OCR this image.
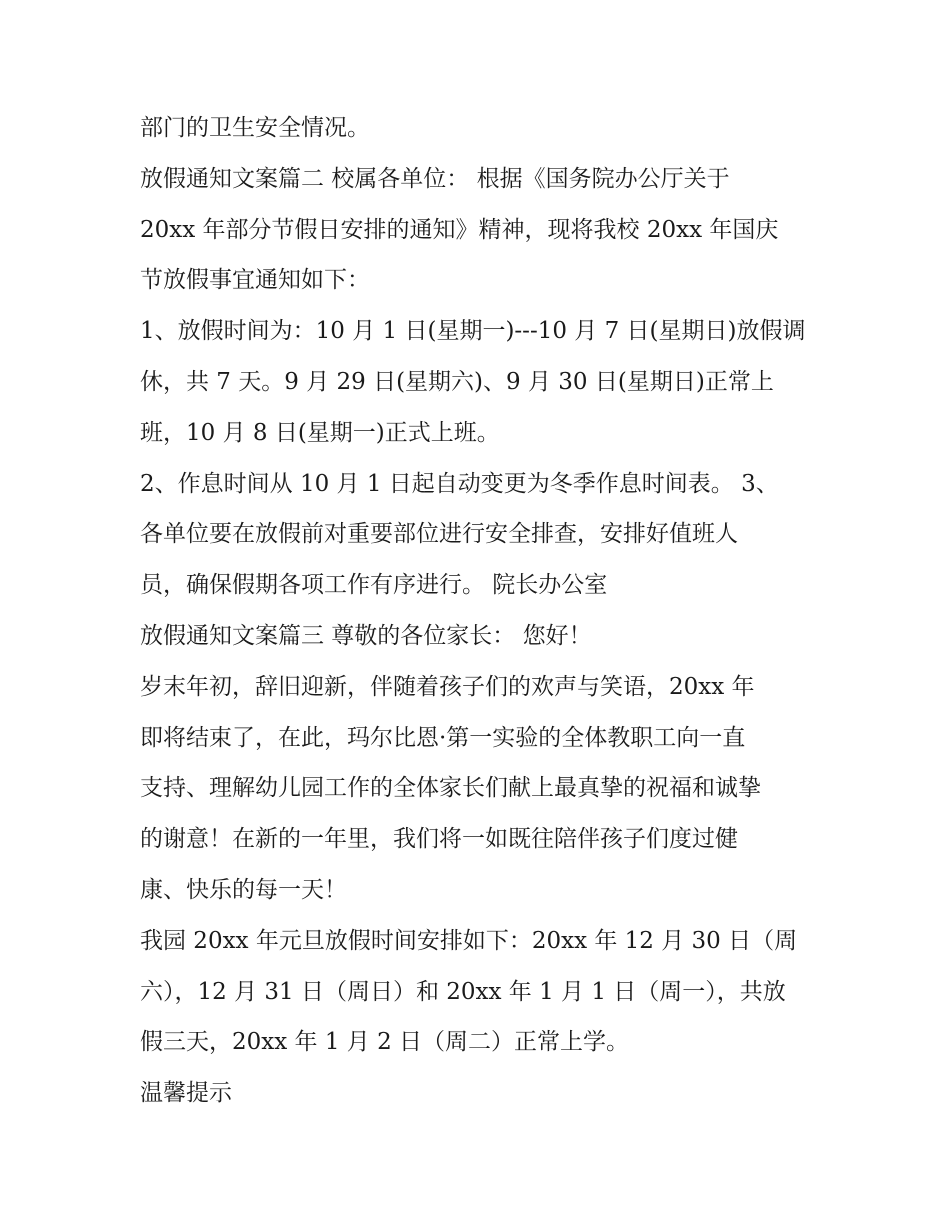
部门的卫生安全情况。
放假通知文案篇二 校属各单位： 根据《国务院办公厅关于
20xx 年部分节假日安排的通知》精神，现将我校 20xx 年国庆
节放假事宜通知如下：
1、放假时间为：10 月 1 日(星期一)---10 月 7 日(星期日)放假调
休，共 7 天。9 月 29 日(星期六)、9 月 30 日(星期日)正常上
班，10 月 8 日(星期一)正式上班。
2、作息时间从 10 月 1 日起自动变更为冬季作息时间表。 3、
各单位要在放假前对重要部位进行安全排查，安排好值班人
员，确保假期各项工作有序进行。 院长办公室
放假通知文案篇三 尊敬的各位家长： 您好！
岁末年初，辞旧迎新，伴随着孩子们的欢声与笑语，20xx 年
即将结束了，在此，玛尔比恩·第一实验的全体教职工向一直
支持、理解幼儿园工作的全体家长们献上最真挚的祝福和诚挚
的谢意！在新的一年里，我们将一如既往陪伴孩子们度过健
康、快乐的每一天！
我园 20xx 年元旦放假时间安排如下：20xx 年 12 月 30 日（周
六），12 月 31 日（周日）和 20xx 年 1 月 1 日（周一），共放
假三天，20xx 年 1 月 2 日（周二）正常上学。
温馨提示
